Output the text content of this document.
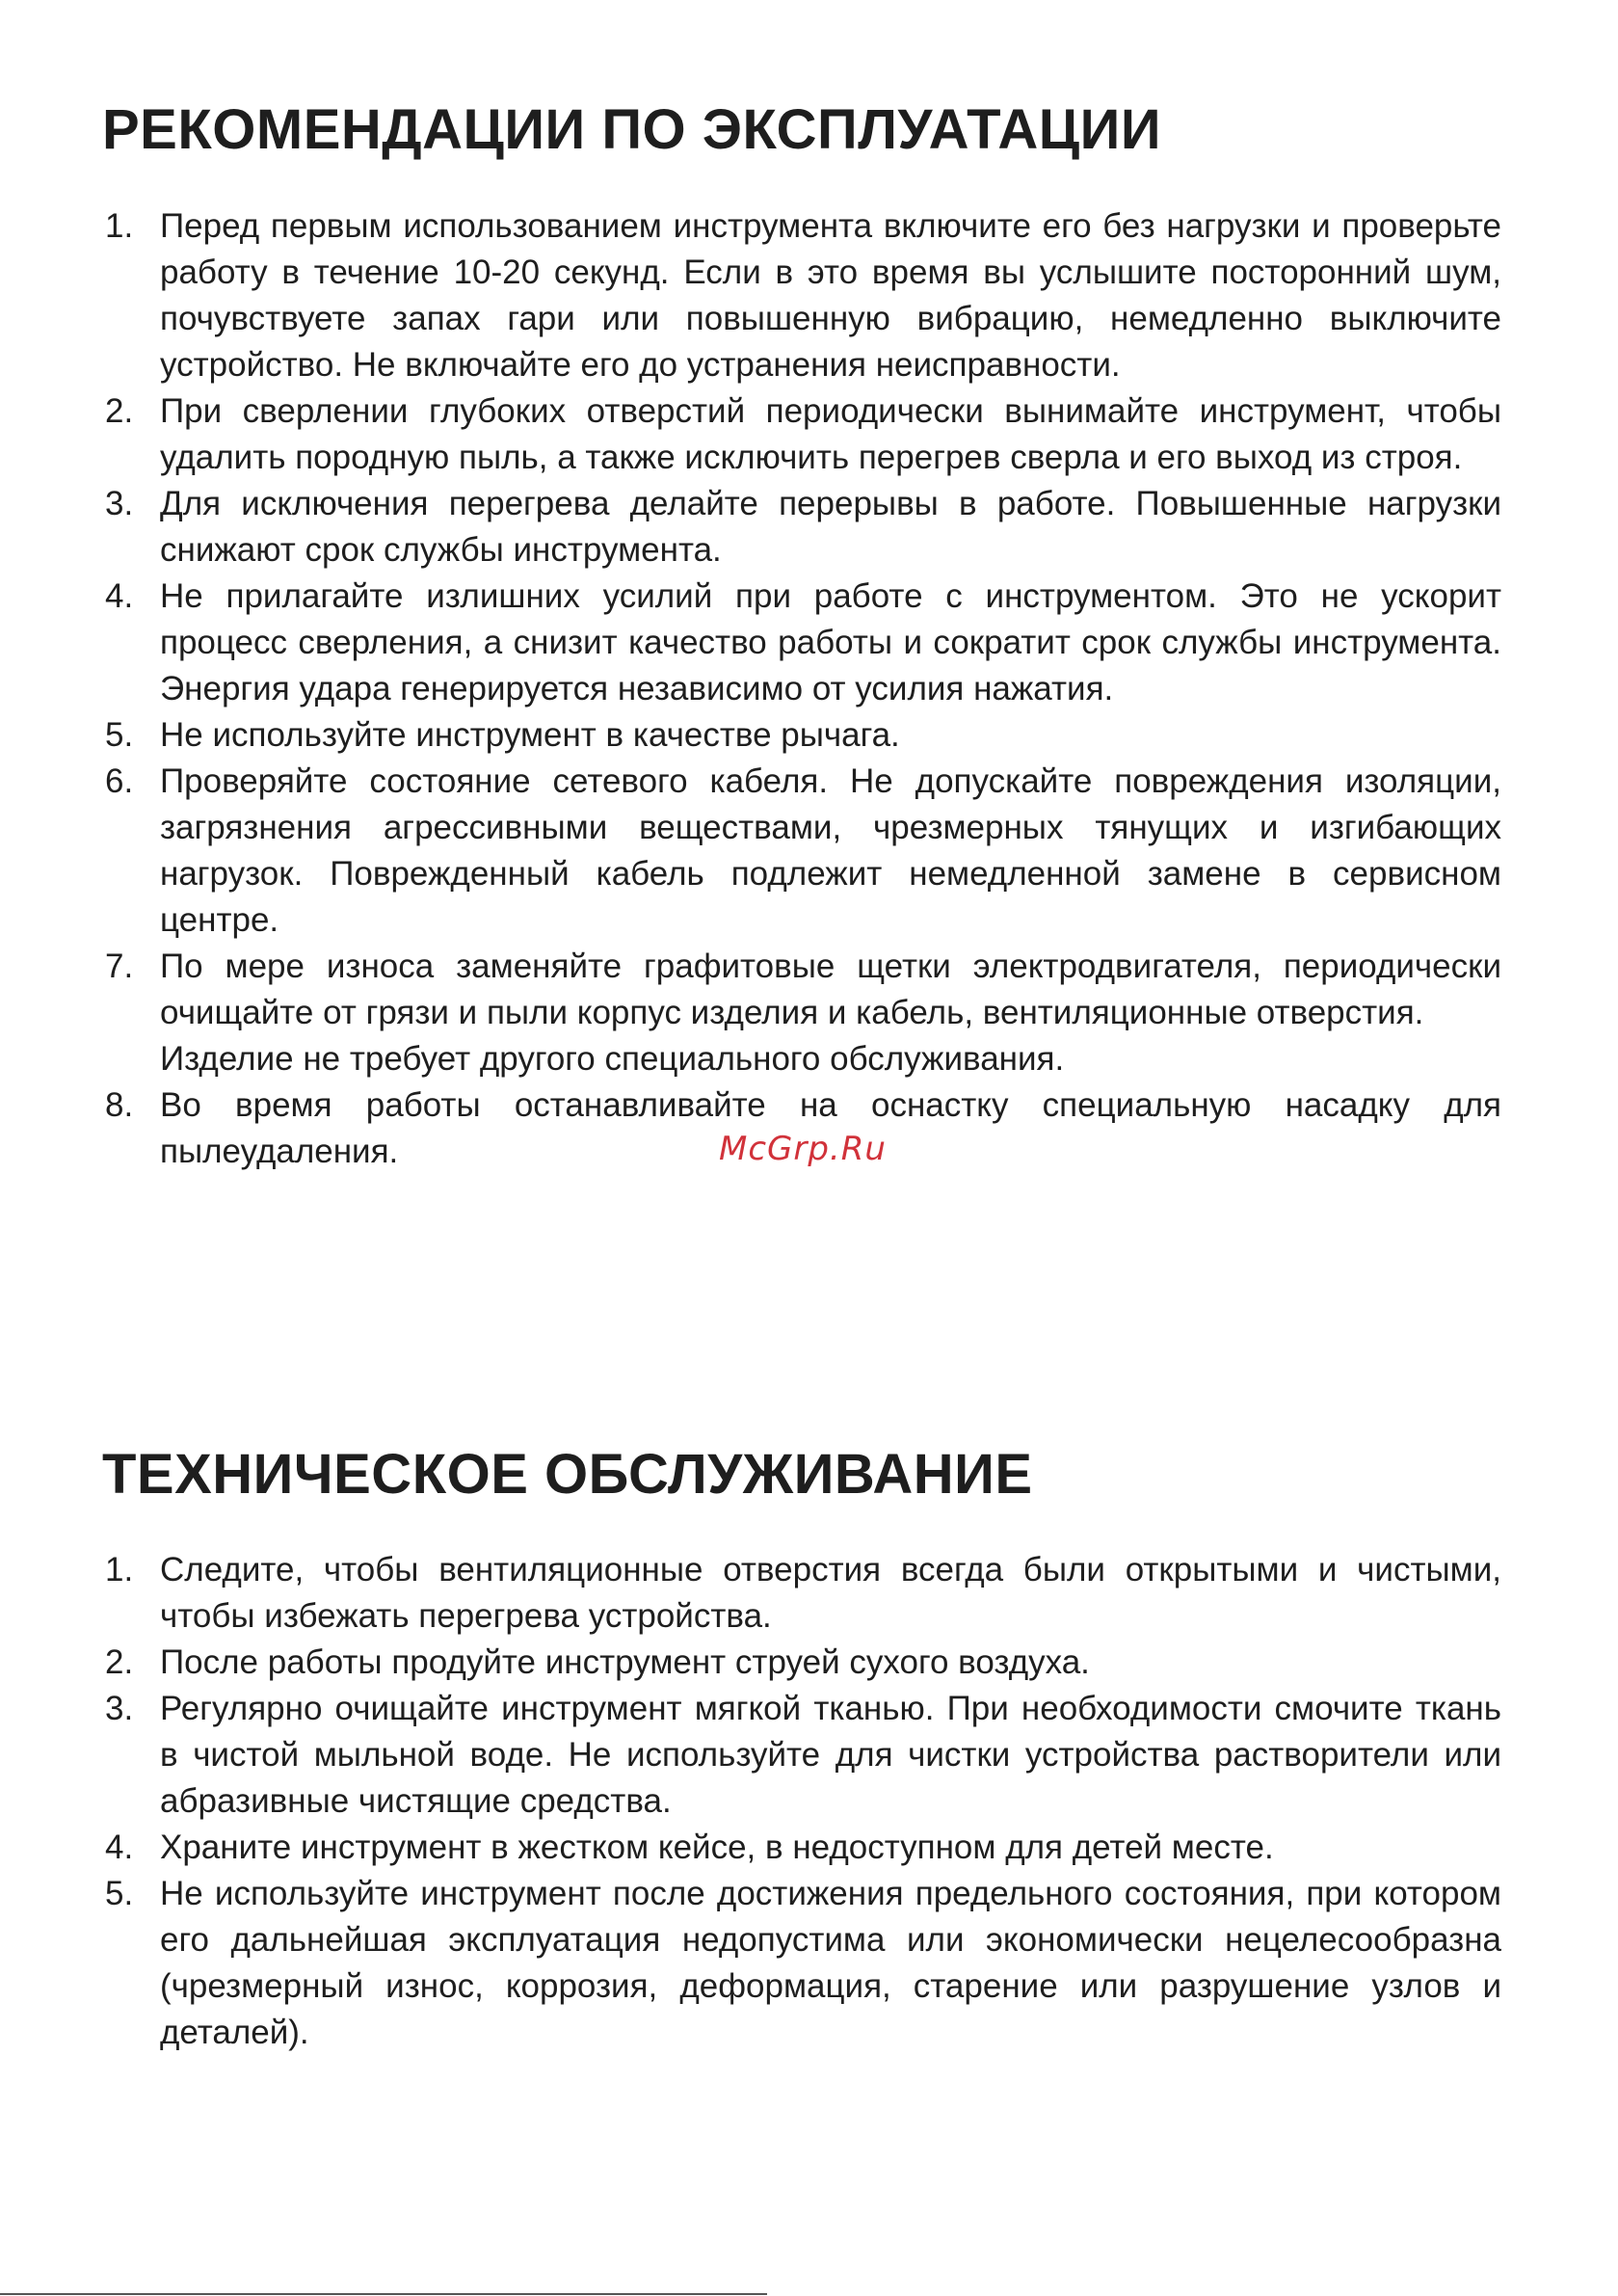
РЕКОМЕНДАЦИИ ПО ЭКСПЛУАТАЦИИ
1. Перед первым использованием инструмента включите его без нагрузки и проверьте работу в течение 10-20 секунд. Если в это время вы услышите посторонний шум, почувствуете запах гари или повышенную вибрацию, немедленно выключите устройство. Не включайте его до устранения неисправности.
2. При сверлении глубоких отверстий периодически вынимайте инструмент, чтобы удалить породную пыль, а также исключить перегрев сверла и его выход из строя.
3. Для исключения перегрева делайте перерывы в работе. Повышенные нагрузки снижают срок службы инструмента.
4. Не прилагайте излишних усилий при работе с инструментом. Это не ускорит процесс сверления, а снизит качество работы и сократит срок службы инструмента. Энергия удара генерируется независимо от усилия нажатия.
5. Не используйте инструмент в качестве рычага.
6. Проверяйте состояние сетевого кабеля. Не допускайте повреждения изоляции, загрязнения агрессивными веществами, чрезмерных тянущих и изгибающих нагрузок. Поврежденный кабель подлежит немедленной замене в сервисном центре.
7. По мере износа заменяйте графитовые щетки электродвигателя, периодически очищайте от грязи и пыли корпус изделия и кабель, вентиляционные отверстия.
Изделие не требует другого специального обслуживания.
8. Во время работы останавливайте на оснастку специальную насадку для пылеудаления.	McGrp.Ru
ТЕХНИЧЕСКОЕ ОБСЛУЖИВАНИЕ
1. Следите, чтобы вентиляционные отверстия всегда были открытыми и чистыми, чтобы избежать перегрева устройства.
2. После работы продуйте инструмент струей сухого воздуха.
3. Регулярно очищайте инструмент мягкой тканью. При необходимости смочите ткань в чистой мыльной воде. Не используйте для чистки устройства растворители или абразивные чистящие средства.
4. Храните инструмент в жестком кейсе, в недоступном для детей месте.
5. Не используйте инструмент после достижения предельного состояния, при котором его дальнейшая эксплуатация недопустима или экономически нецелесообразна (чрезмерный износ, коррозия, деформация, старение или разрушение узлов и деталей).
